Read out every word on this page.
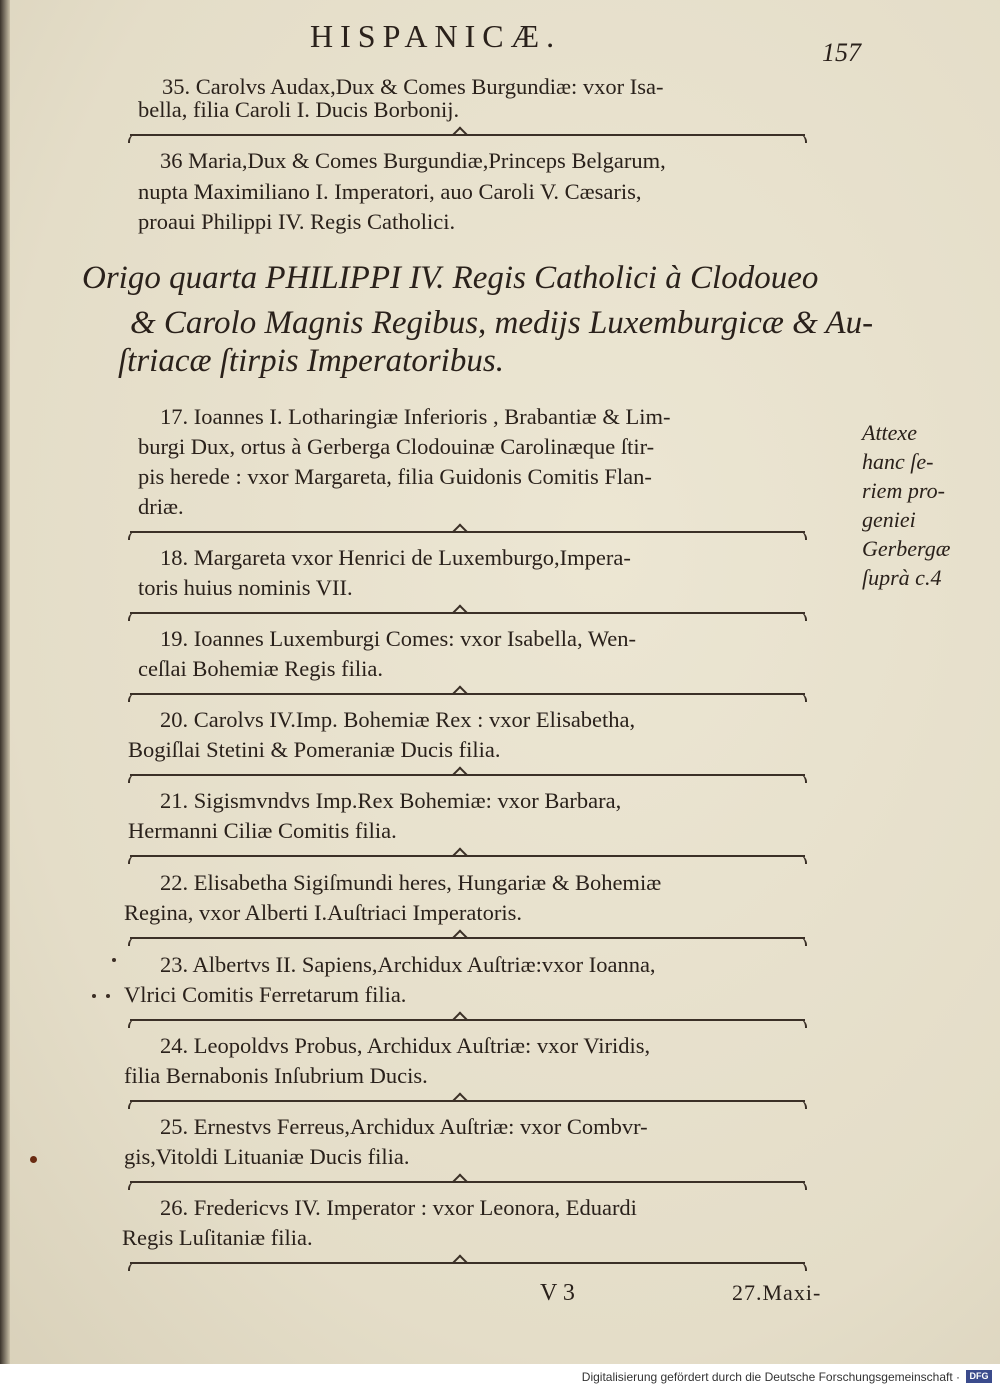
HISPANICÆ.	157
35. Carolvs Audax,Dux & Comes Burgundiæ: vxor Isa-
bella, filia Caroli I. Ducis Borbonij.
36 Maria,Dux & Comes Burgundiæ,Princeps Belgarum,
nupta Maximiliano I. Imperatori, auo Caroli V. Cæsaris,
proaui Philippi IV. Regis Catholici.
Origo quarta PHILIPPI IV. Regis Catholici à Clodoueo
& Carolo Magnis Regibus, medijs Luxemburgicæ & Au-
ſtriacæ ſtirpis Imperatoribus.
17. Ioannes I. Lotharingiæ Inferioris , Brabantiæ & Lim-
burgi Dux, ortus à Gerberga Clodouinæ Carolinæque ſtir-
pis herede : vxor Margareta, filia Guidonis Comitis Flan-
driæ.
18. Margareta vxor Henrici de Luxemburgo,Impera-
toris huius nominis VII.
19. Ioannes Luxemburgi Comes: vxor Isabella, Wen-
ceſlai Bohemiæ Regis filia.
20. Carolvs IV.Imp. Bohemiæ Rex : vxor Elisabetha,
Bogiſlai Stetini & Pomeraniæ Ducis filia.
21. Sigismvndvs Imp.Rex Bohemiæ: vxor Barbara,
Hermanni Ciliæ Comitis filia.
22. Elisabetha Sigiſmundi heres, Hungariæ & Bohemiæ
Regina, vxor Alberti I.Auſtriaci Imperatoris.
23. Albertvs II. Sapiens,Archidux Auſtriæ:vxor Ioanna,
Vlrici Comitis Ferretarum filia.
24. Leopoldvs Probus, Archidux Auſtriæ: vxor Viridis,
filia Bernabonis Inſubrium Ducis.
25. Ernestvs Ferreus,Archidux Auſtriæ: vxor Combvr-
gis,Vitoldi Lituaniæ Ducis filia.
26. Fredericvs IV. Imperator : vxor Leonora, Eduardi
Regis Luſitaniæ filia.
Attexe
hanc ſe-
riem pro-
geniei
Gerbergæ
ſuprà c.4
V 3	27.Maxi-
Digitalisierung gefördert durch die Deutsche Forschungsgemeinschaft ·	DFG
